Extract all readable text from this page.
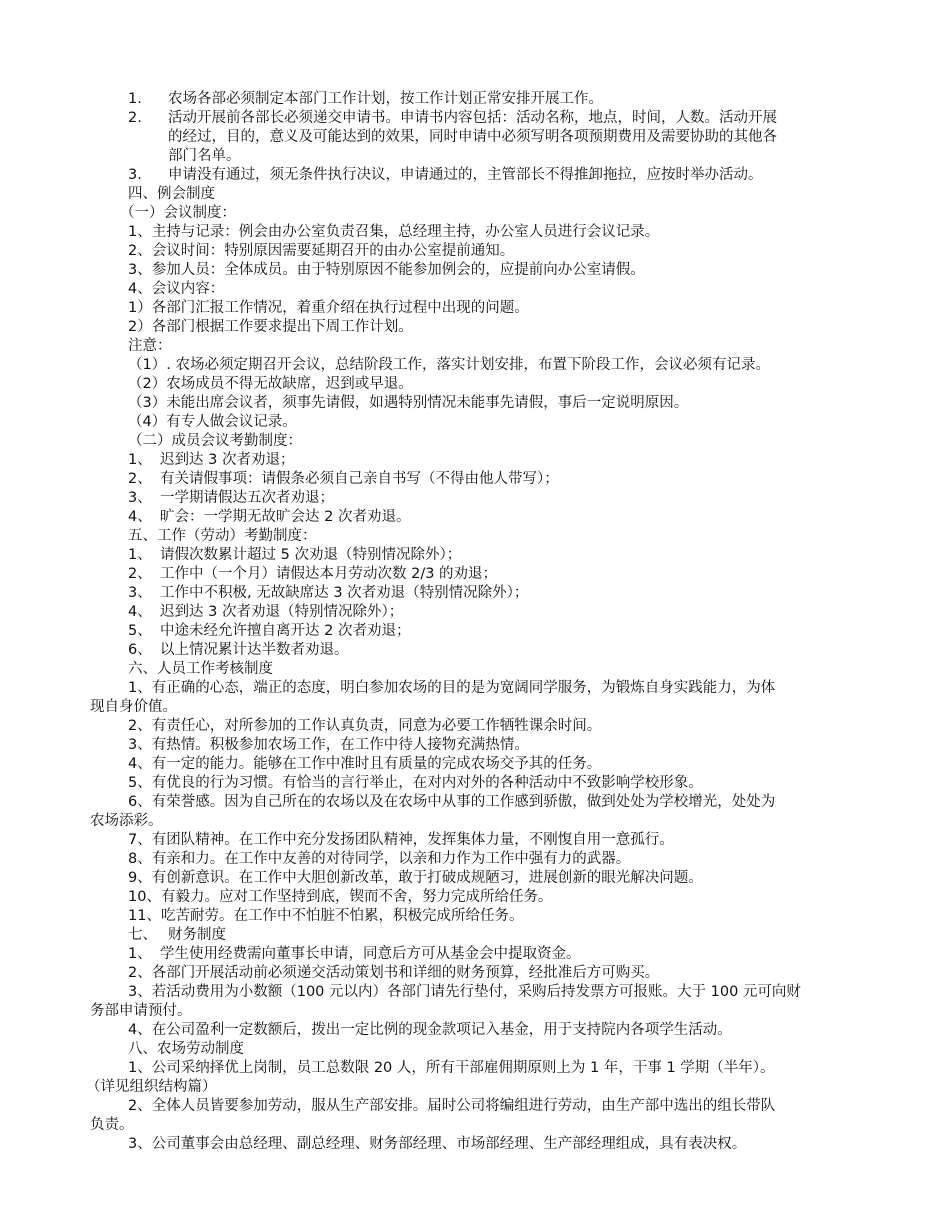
1. 农场各部必须制定本部门工作计划，按工作计划正常安排开展工作。
2. 活动开展前各部长必须递交申请书。申请书内容包括：活动名称，地点，时间，人数。活动开展
的经过，目的，意义及可能达到的效果，同时申请中必须写明各项预期费用及需要协助的其他各
部门名单。
3. 申请没有通过，须无条件执行决议，申请通过的，主管部长不得推卸拖拉，应按时举办活动。
四、例会制度
（一）会议制度：
1、主持与记录：例会由办公室负责召集，总经理主持，办公室人员进行会议记录。
2、会议时间：特别原因需要延期召开的由办公室提前通知。
3、参加人员：全体成员。由于特别原因不能参加例会的，应提前向办公室请假。
4、会议内容：
1）各部门汇报工作情况，着重介绍在执行过程中出现的问题。
2）各部门根据工作要求提出下周工作计划。
注意：
（1）. 农场必须定期召开会议，总结阶段工作，落实计划安排，布置下阶段工作，会议必须有记录。
（2）农场成员不得无故缺席，迟到或早退。
（3）未能出席会议者，须事先请假，如遇特别情况未能事先请假，事后一定说明原因。
（4）有专人做会议记录。
（二）成员会议考勤制度：
1、 迟到达 3 次者劝退；
2、 有关请假事项：请假条必须自己亲自书写（不得由他人带写）；
3、 一学期请假达五次者劝退；
4、 旷会：一学期无故旷会达 2 次者劝退。
五、工作（劳动）考勤制度：
1、 请假次数累计超过 5 次劝退（特别情况除外）；
2、 工作中（一个月）请假达本月劳动次数 2/3 的劝退；
3、 工作中不积极, 无故缺席达 3 次者劝退（特别情况除外）；
4、 迟到达 3 次者劝退（特别情况除外）；
5、 中途未经允许擅自离开达 2 次者劝退；
6、 以上情况累计达半数者劝退。
六、人员工作考核制度
1、有正确的心态，端正的态度，明白参加农场的目的是为宽阔同学服务，为锻炼自身实践能力，为体
现自身价值。
2、有责任心，对所参加的工作认真负责，同意为必要工作牺牲课余时间。
3、有热情。积极参加农场工作，在工作中待人接物充满热情。
4、有一定的能力。能够在工作中准时且有质量的完成农场交予其的任务。
5、有优良的行为习惯。有恰当的言行举止，在对内对外的各种活动中不致影响学校形象。
6、有荣誉感。因为自己所在的农场以及在农场中从事的工作感到骄傲，做到处处为学校增光，处处为
农场添彩。
7、有团队精神。在工作中充分发扬团队精神，发挥集体力量，不刚愎自用一意孤行。
8、有亲和力。在工作中友善的对待同学，以亲和力作为工作中强有力的武器。
9、有创新意识。在工作中大胆创新改革，敢于打破成规陋习，进展创新的眼光解决问题。
10、有毅力。应对工作坚持到底，锲而不舍，努力完成所给任务。
11、吃苦耐劳。在工作中不怕脏不怕累，积极完成所给任务。
七、 财务制度
1、 学生使用经费需向董事长申请，同意后方可从基金会中提取资金。
2、各部门开展活动前必须递交活动策划书和详细的财务预算，经批准后方可购买。
3、若活动费用为小数额（100 元以内）各部门请先行垫付，采购后持发票方可报账。大于 100 元可向财
务部申请预付。
4、在公司盈利一定数额后，拨出一定比例的现金款项记入基金，用于支持院内各项学生活动。
八、农场劳动制度
1、公司采纳择优上岗制，员工总数限 20 人，所有干部雇佣期原则上为 1 年，干事 1 学期（半年）。
（详见组织结构篇）
2、全体人员皆要参加劳动，服从生产部安排。届时公司将编组进行劳动，由生产部中选出的组长带队
负责。
3、公司董事会由总经理、副总经理、财务部经理、市场部经理、生产部经理组成，具有表决权。
